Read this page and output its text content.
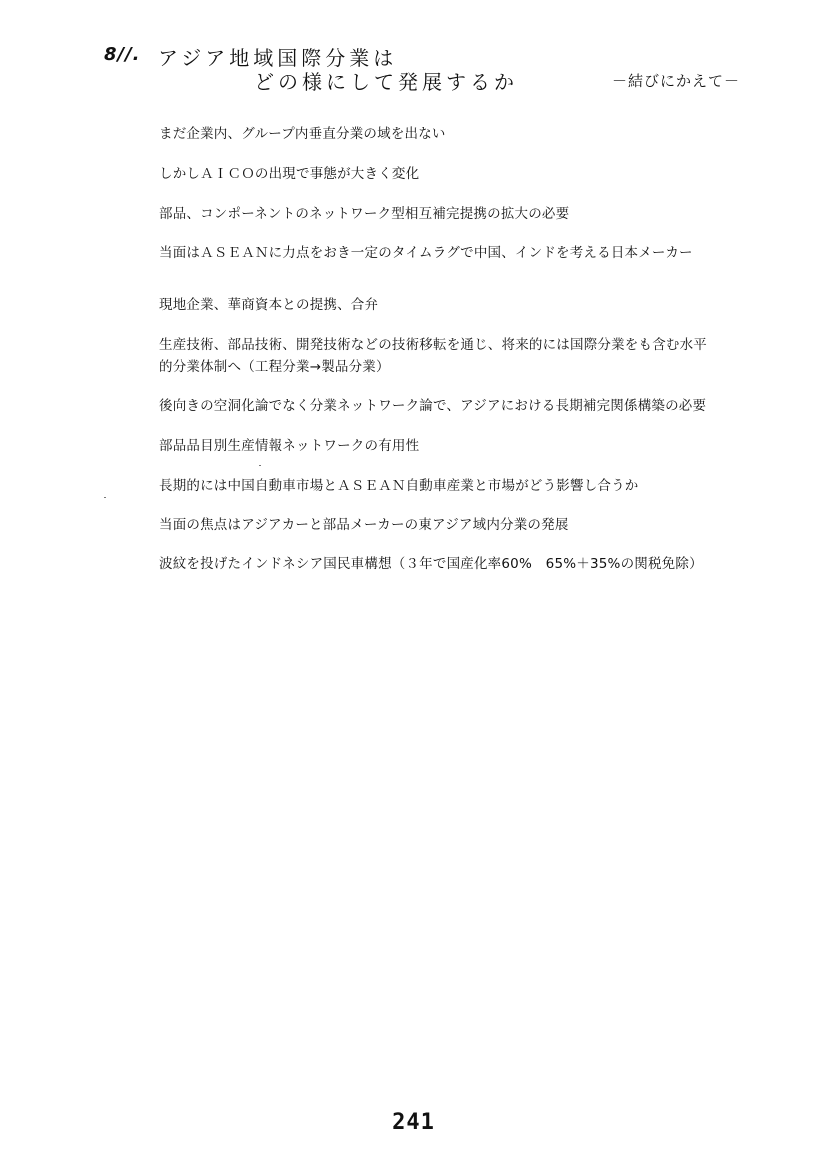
8//. アジア地域国際分業は
どの様にして発展するか	－結びにかえて－
まだ企業内、グループ内垂直分業の域を出ない
しかしＡＩＣＯの出現で事態が大きく変化
部品、コンポーネントのネットワーク型相互補完提携の拡大の必要
当面はＡＳＥＡＮに力点をおき一定のタイムラグで中国、インドを考える日本メーカー
現地企業、華商資本との提携、合弁
生産技術、部品技術、開発技術などの技術移転を通じ、将来的には国際分業をも含む水平
的分業体制へ（工程分業→製品分業）
後向きの空洞化論でなく分業ネットワーク論で、アジアにおける長期補完関係構築の必要
部品品目別生産情報ネットワークの有用性
長期的には中国自動車市場とＡＳＥＡＮ自動車産業と市場がどう影響し合うか
当面の焦点はアジアカーと部品メーカーの東アジア域内分業の発展
波紋を投げたインドネシア国民車構想（３年で国産化率60%　65%＋35%の関税免除）
241
